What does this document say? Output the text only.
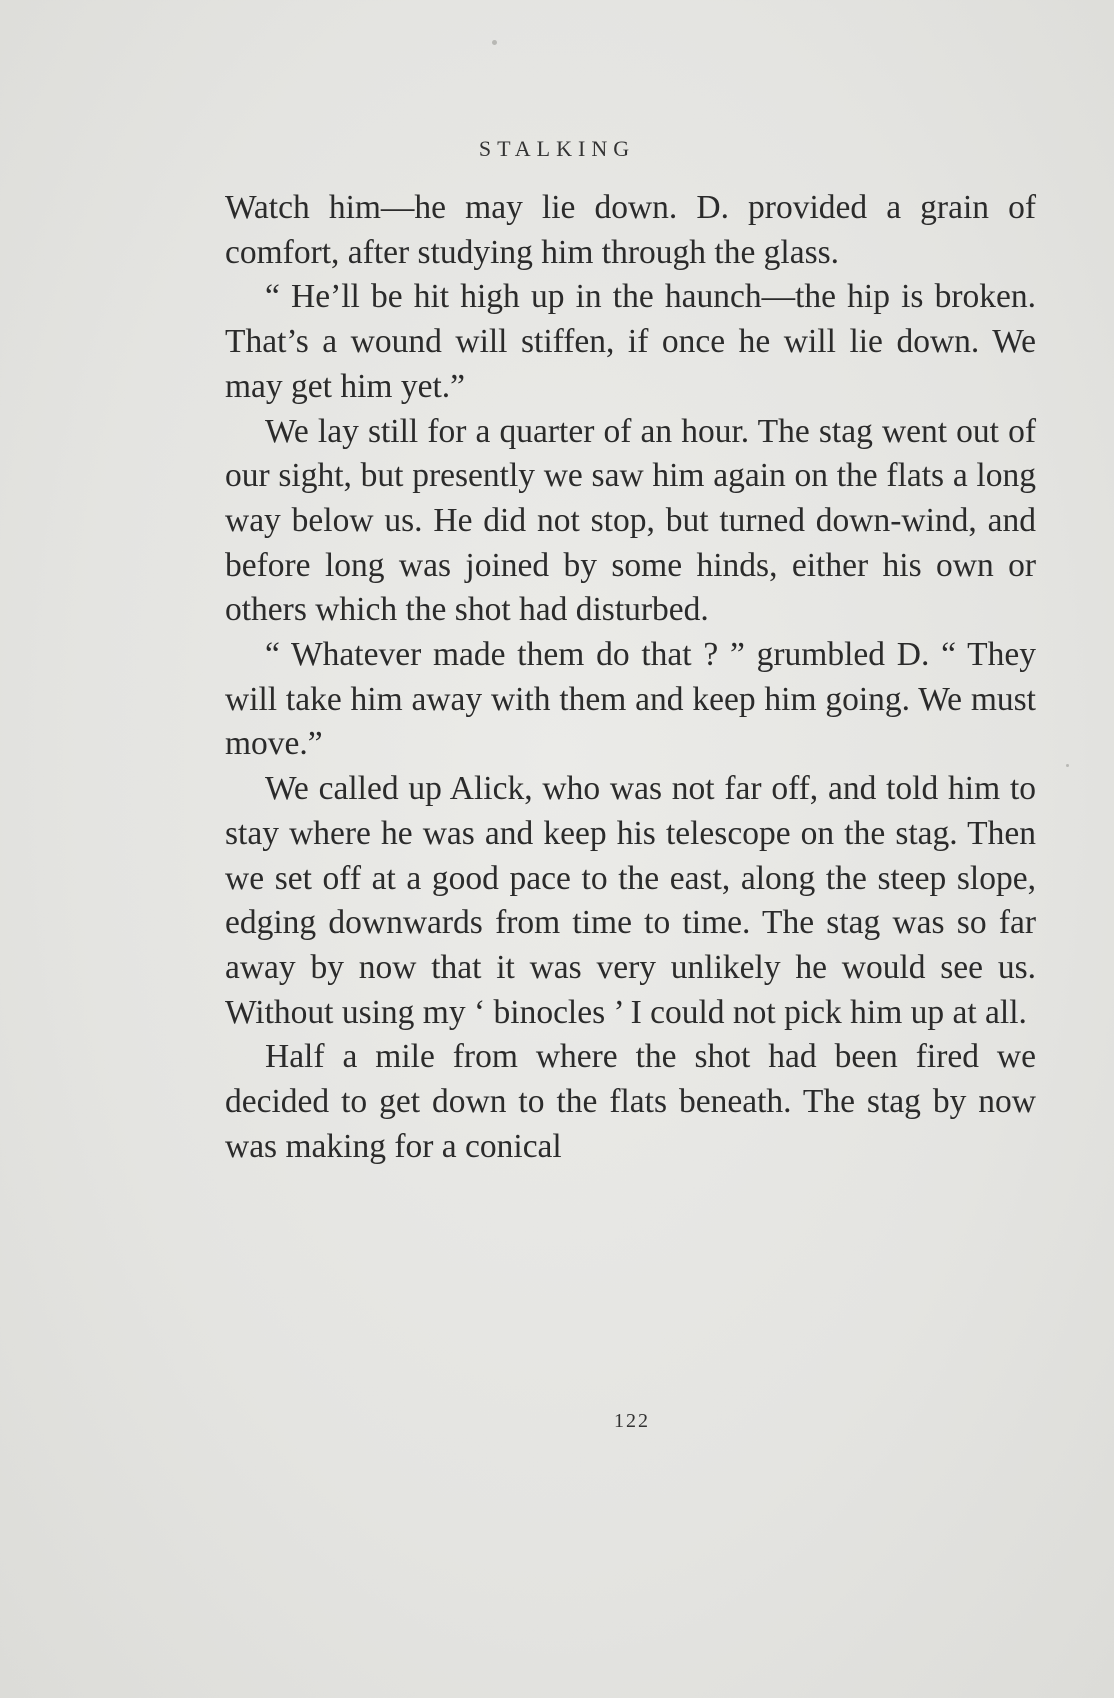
STALKING

Watch him—he may lie down. D. provided a grain of comfort, after studying him through the glass.

“ He’ll be hit high up in the haunch—the hip is broken. That’s a wound will stiffen, if once he will lie down. We may get him yet.”

We lay still for a quarter of an hour. The stag went out of our sight, but presently we saw him again on the flats a long way below us. He did not stop, but turned down-wind, and before long was joined by some hinds, either his own or others which the shot had disturbed.

“ Whatever made them do that ? ” grumbled D. “ They will take him away with them and keep him going. We must move.”

We called up Alick, who was not far off, and told him to stay where he was and keep his telescope on the stag. Then we set off at a good pace to the east, along the steep slope, edging downwards from time to time. The stag was so far away by now that it was very unlikely he would see us. Without using my ‘ binocles ’ I could not pick him up at all.

Half a mile from where the shot had been fired we decided to get down to the flats beneath. The stag by now was making for a conical

122
